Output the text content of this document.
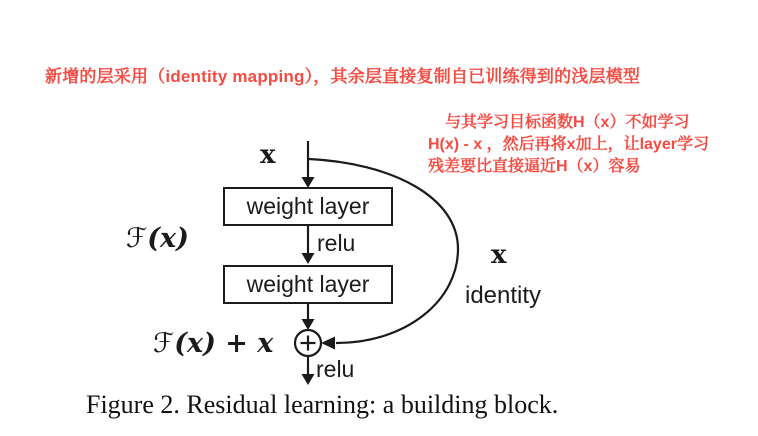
新增的层采用（identity mapping），其余层直接复制自已训练得到的浅层模型
与其学习目标函数H（x）不如学习
H(x) - x ，然后再将x加上，让layer学习
残差要比直接逼近H（x）容易
weight layer
weight layer
x
relu
relu
ℱ(x)
ℱ(x) + x
x
identity
Figure 2. Residual learning: a building block.
